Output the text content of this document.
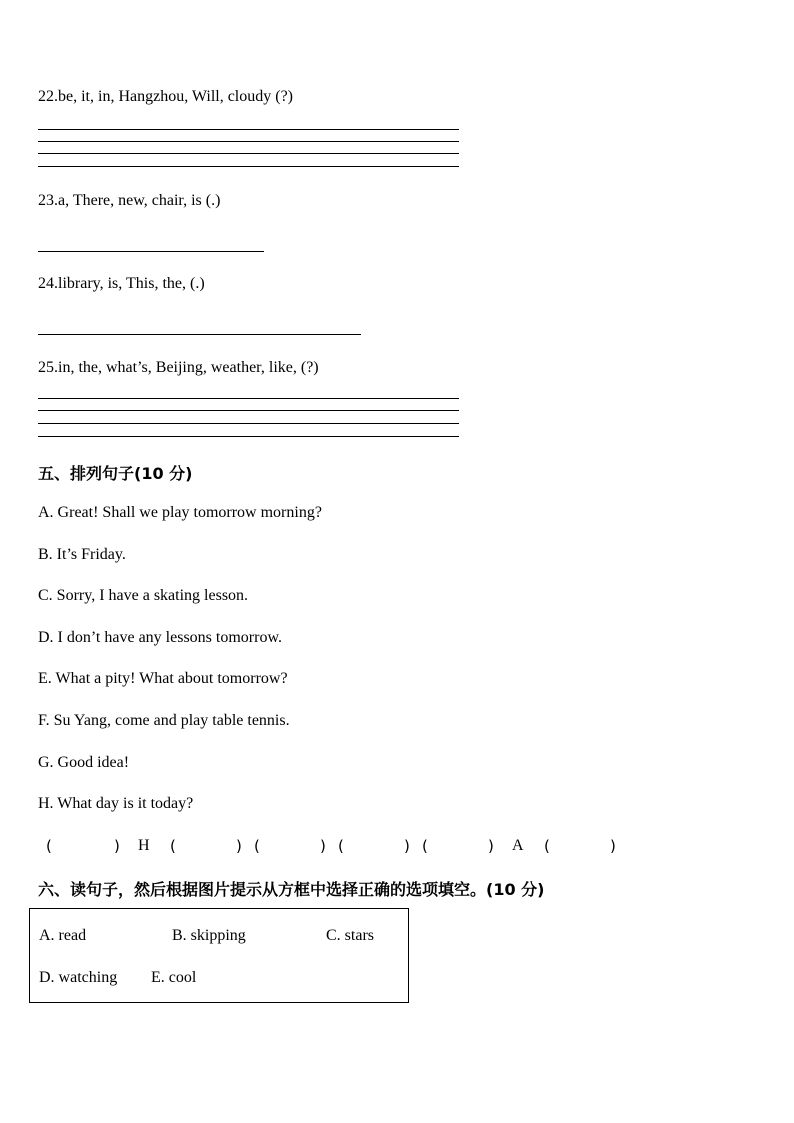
22.be, it, in, Hangzhou, Will, cloudy (?)
23.a, There, new, chair, is (.)
24.library, is, This, the, (.)
25.in, the, what’s, Beijing, weather, like, (?)
五、排列句子(10 分)
A. Great! Shall we play tomorrow morning?
B. It’s Friday.
C. Sorry, I have a skating lesson.
D. I don’t have any lessons tomorrow.
E. What a pity! What about tomorrow?
F. Su Yang, come and play table tennis.
G. Good idea!
H. What day is it today?
(	) H (	) (	) (	) (	) A (	)
六、读句子，然后根据图片提示从方框中选择正确的选项填空。(10 分)
A. read	B. skipping	C. stars
D. watching E. cool
